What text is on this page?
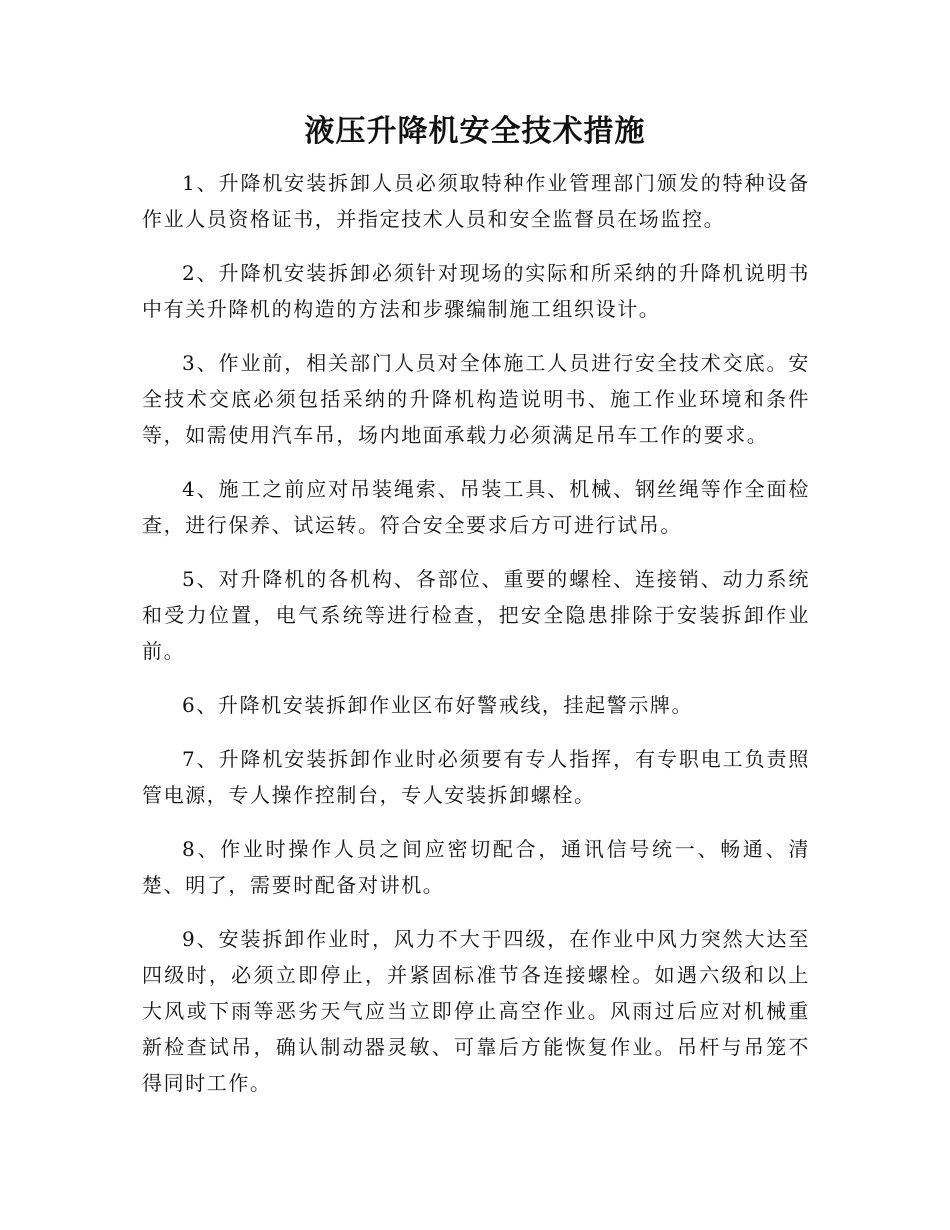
液压升降机安全技术措施

1、升降机安装拆卸人员必须取特种作业管理部门颁发的特种设备作业人员资格证书，并指定技术人员和安全监督员在场监控。

2、升降机安装拆卸必须针对现场的实际和所采纳的升降机说明书中有关升降机的构造的方法和步骤编制施工组织设计。

3、作业前，相关部门人员对全体施工人员进行安全技术交底。安全技术交底必须包括采纳的升降机构造说明书、施工作业环境和条件等，如需使用汽车吊，场内地面承载力必须满足吊车工作的要求。

4、施工之前应对吊装绳索、吊装工具、机械、钢丝绳等作全面检查，进行保养、试运转。符合安全要求后方可进行试吊。

5、对升降机的各机构、各部位、重要的螺栓、连接销、动力系统和受力位置，电气系统等进行检查，把安全隐患排除于安装拆卸作业前。

6、升降机安装拆卸作业区布好警戒线，挂起警示牌。

7、升降机安装拆卸作业时必须要有专人指挥，有专职电工负责照管电源，专人操作控制台，专人安装拆卸螺栓。

8、作业时操作人员之间应密切配合，通讯信号统一、畅通、清楚、明了，需要时配备对讲机。

9、安装拆卸作业时，风力不大于四级，在作业中风力突然大达至四级时，必须立即停止，并紧固标准节各连接螺栓。如遇六级和以上大风或下雨等恶劣天气应当立即停止高空作业。风雨过后应对机械重新检查试吊，确认制动器灵敏、可靠后方能恢复作业。吊杆与吊笼不得同时工作。
